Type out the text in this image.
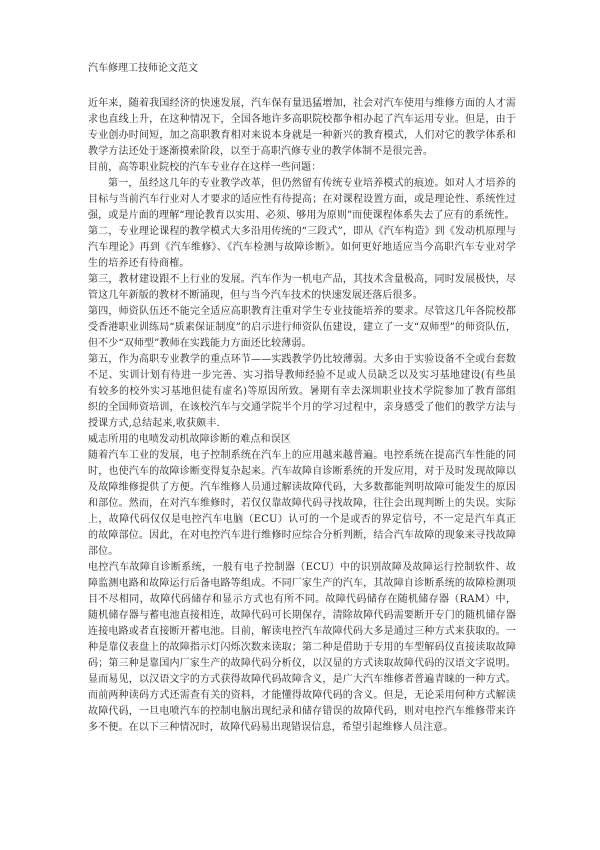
汽车修理工技师论文范文

近年来，随着我国经济的快速发展，汽车保有量迅猛增加，社会对汽车使用与维修方面的人才需求也直线上升，在这种情况下，全国各地许多高职院校都争相办起了汽车运用专业。但是，由于专业创办时间短，加之高职教育相对来说本身就是一种新兴的教育模式，人们对它的教学体系和教学方法还处于逐渐摸索阶段，以至于高职汽修专业的教学体制不是很完善。

目前，高等职业院校的汽车专业存在这样一些问题：

第一，虽经这几年的专业教学改革，但仍然留有传统专业培养模式的痕迹。如对人才培养的目标与当前汽车行业对人才要求的适应性有待提高；在对课程设置方面，或是理论性、系统性过强，或是片面的理解“理论教育以实用、必须、够用为原则”而使课程体系失去了应有的系统性。

第二，专业理论课程的教学模式大多沿用传统的“三段式”，即从《汽车构造》到《发动机原理与汽车理论》再到《汽车维修》、《汽车检测与故障诊断》。如何更好地适应当今高职汽车专业对学生的培养还有待商榷。

第三，教材建设跟不上行业的发展。汽车作为一机电产品，其技术含量极高，同时发展极快，尽管这几年新版的教材不断涌现，但与当今汽车技术的快速发展还落后很多。

第四，师资队伍还不能完全适应高职教育注重对学生专业技能培养的要求。尽管这几年各院校都受香港职业训练局“质素保证制度”的启示进行师资队伍建设，建立了一支“双师型”的师资队伍，但不少“双师型”教师在实践能力方面还比较薄弱。

第五，作为高职专业教学的重点环节——实践教学仍比较薄弱。大多由于实验设备不全或台套数不足、实训计划有待进一步完善、实习指导教师经验不足或人员缺乏以及实习基地建设(有些虽有较多的校外实习基地但徒有虚名)等原因所致。暑期有幸去深圳职业技术学院参加了教育部组织的全国师资培训，在该校汽车与交通学院半个月的学习过程中，亲身感受了他们的教学方法与授课方式,总结起来,收获颇丰.

威志所用的电喷发动机故障诊断的难点和误区

随着汽车工业的发展，电子控制系统在汽车上的应用越来越普遍。电控系统在提高汽车性能的同时，也使汽车的故障诊断变得复杂起来。汽车故障自诊断系统的开发应用，对于及时发现故障以及故障维修提供了方便。汽车维修人员通过解读故障代码，大多数都能判明故障可能发生的原因和部位。然而，在对汽车维修时，若仅仅靠故障代码寻找故障，往往会出现判断上的失误。实际上，故障代码仅仅是电控汽车电脑（ECU）认可的一个是或否的界定信号，不一定是汽车真正的故障部位。因此，在对电控汽车进行维修时应综合分析判断，结合汽车故障的现象来寻找故障部位。

电控汽车故障自诊断系统，一般有电子控制器（ECU）中的识别故障及故障运行控制软件、故障监测电路和故障运行后备电路等组成。不同厂家生产的汽车，其故障自诊断系统的故障检测项目不尽相同，故障代码储存和显示方式也有所不同。故障代码储存在随机储存器（RAM）中，随机储存器与蓄电池直接相连，故障代码可长期保存，清除故障代码需要断开专门的随机储存器连接电路或者直接断开蓄电池。目前，解读电控汽车故障代码大多是通过三种方式来获取的。一种是靠仪表盘上的故障指示灯闪烁次数来读取；第二种是借助于专用的车型解码仪直接读取故障码；第三种是靠国内厂家生产的故障代码分析仪，以汉显的方式读取故障代码的汉语文字说明。显而易见，以汉语文字的方式获得故障代码故障含义，是广大汽车维修者普遍青睐的一种方式。而前两种读码方式还需查有关的资料，才能懂得故障代码的含义。但是，无论采用何种方式解读故障代码，一旦电喷汽车的控制电脑出现纪录和储存错误的故障代码，则对电控汽车维修带来许多不便。在以下三种情况时，故障代码易出现错误信息，希望引起维修人员注意。
